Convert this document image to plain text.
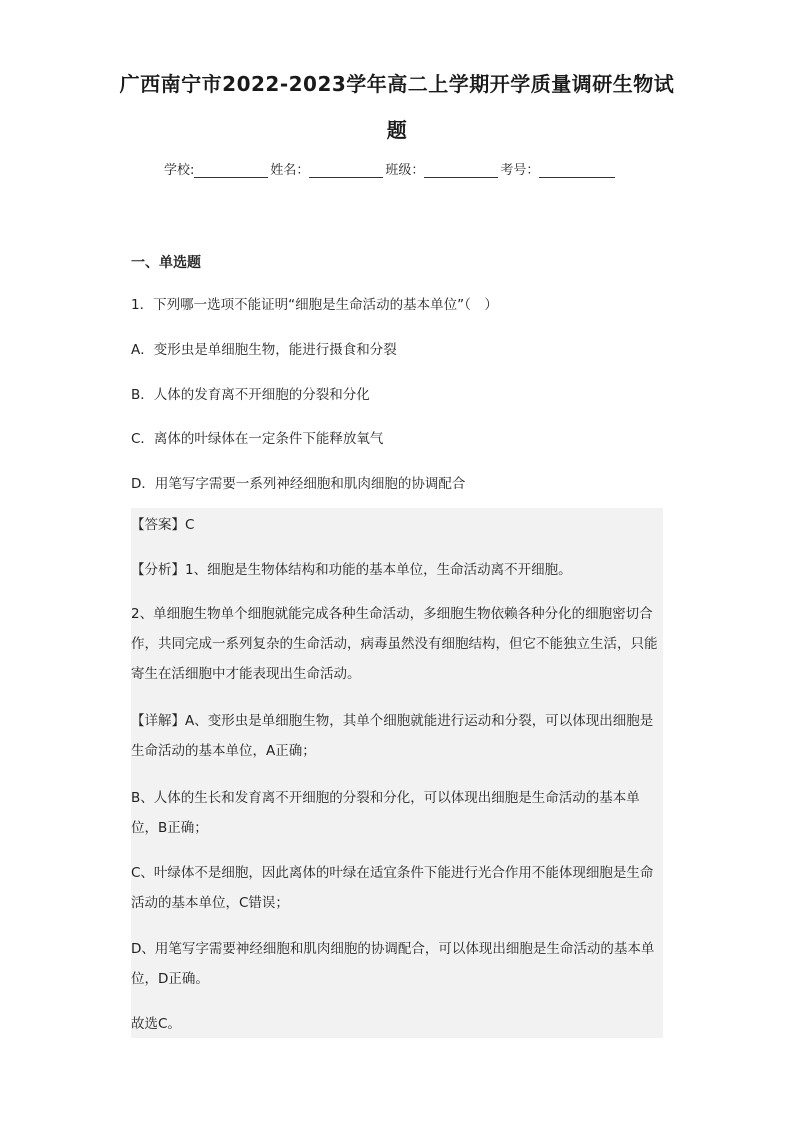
广西南宁市2022-2023学年高二上学期开学质量调研生物试
题
学校:	姓名：	班级：	考号：
一、单选题
1．下列哪一选项不能证明“细胞是生命活动的基本单位”（　）
A．变形虫是单细胞生物，能进行摄食和分裂
B．人体的发育离不开细胞的分裂和分化
C．离体的叶绿体在一定条件下能释放氧气
D．用笔写字需要一系列神经细胞和肌肉细胞的协调配合
【答案】C
【分析】1、细胞是生物体结构和功能的基本单位，生命活动离不开细胞。
2、单细胞生物单个细胞就能完成各种生命活动，多细胞生物依赖各种分化的细胞密切合作，共同完成一系列复杂的生命活动，病毒虽然没有细胞结构，但它不能独立生活，只能寄生在活细胞中才能表现出生命活动。
【详解】A、变形虫是单细胞生物，其单个细胞就能进行运动和分裂，可以体现出细胞是生命活动的基本单位，A正确；
B、人体的生长和发育离不开细胞的分裂和分化，可以体现出细胞是生命活动的基本单位，B正确；
C、叶绿体不是细胞，因此离体的叶绿在适宜条件下能进行光合作用不能体现细胞是生命活动的基本单位，C错误；
D、用笔写字需要神经细胞和肌肉细胞的协调配合，可以体现出细胞是生命活动的基本单位，D正确。
故选C。
